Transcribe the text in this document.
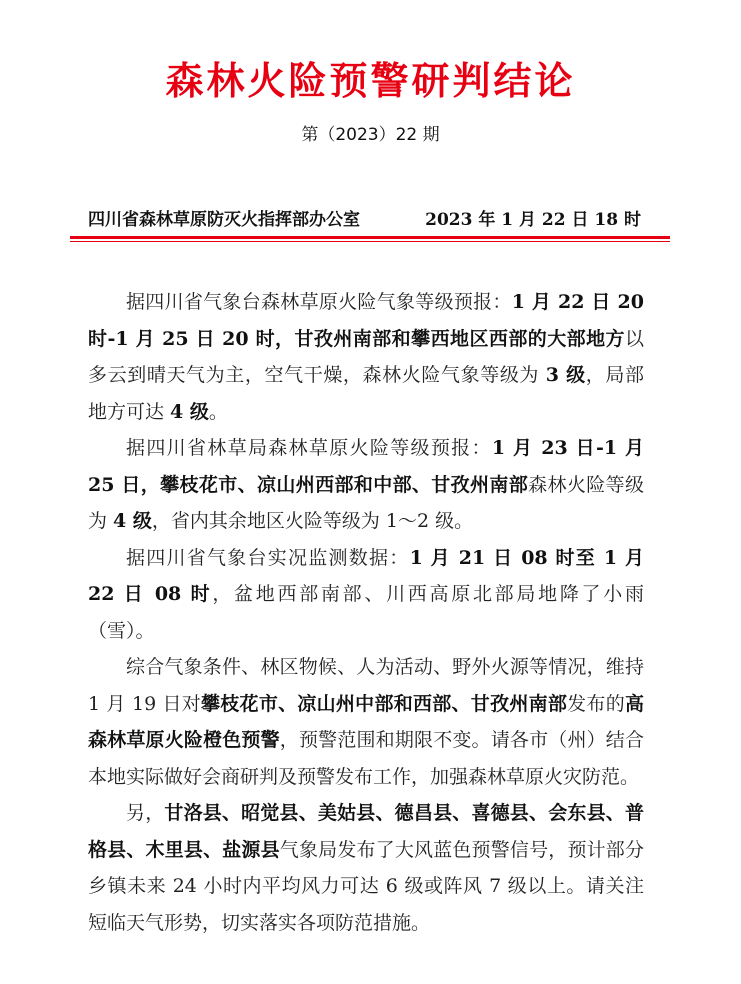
森林火险预警研判结论
第（2023）22 期
四川省森林草原防灭火指挥部办公室	2023 年 1 月 22 日 18 时

据四川省气象台森林草原火险气象等级预报：1 月 22 日 20 时-1 月 25 日 20 时，甘孜州南部和攀西地区西部的大部地方以多云到晴天气为主，空气干燥，森林火险气象等级为 3 级，局部地方可达 4 级。

据四川省林草局森林草原火险等级预报：1 月 23 日-1 月 25 日，攀枝花市、凉山州西部和中部、甘孜州南部森林火险等级为 4 级，省内其余地区火险等级为 1～2 级。

据四川省气象台实况监测数据：1 月 21 日 08 时至 1 月 22 日 08 时，盆地西部南部、川西高原北部局地降了小雨（雪）。

综合气象条件、林区物候、人为活动、野外火源等情况，维持 1 月 19 日对攀枝花市、凉山州中部和西部、甘孜州南部发布的高森林草原火险橙色预警，预警范围和期限不变。请各市（州）结合本地实际做好会商研判及预警发布工作，加强森林草原火灾防范。

另，甘洛县、昭觉县、美姑县、德昌县、喜德县、会东县、普格县、木里县、盐源县气象局发布了大风蓝色预警信号，预计部分乡镇未来 24 小时内平均风力可达 6 级或阵风 7 级以上。请关注短临天气形势，切实落实各项防范措施。
